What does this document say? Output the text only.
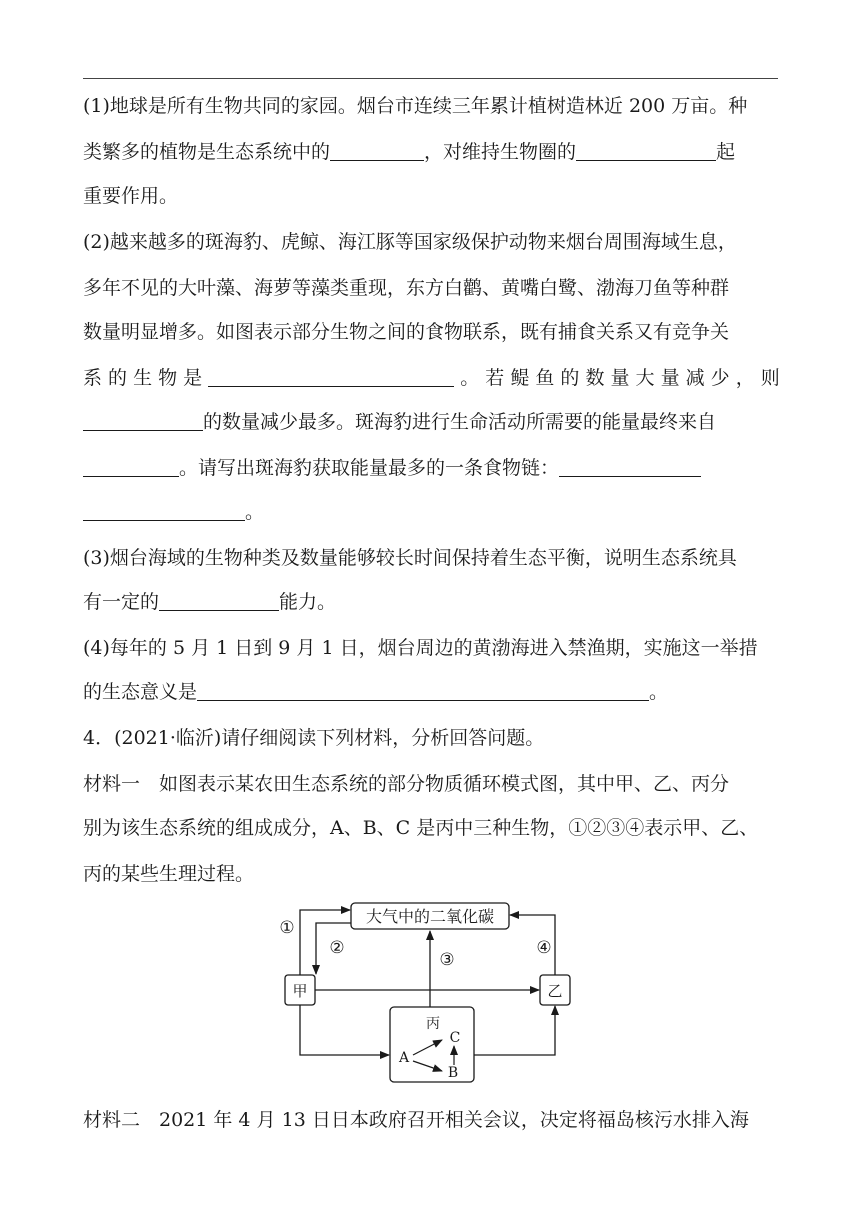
(1)地球是所有生物共同的家园。烟台市连续三年累计植树造林近 200 万亩。种
类繁多的植物是生态系统中的	，对维持生物圈的	起
重要作用。
(2)越来越多的斑海豹、虎鲸、海江豚等国家级保护动物来烟台周围海域生息，
多年不见的大叶藻、海萝等藻类重现，东方白鹳、黄嘴白鹭、渤海刀鱼等种群
数量明显增多。如图表示部分生物之间的食物联系，既有捕食关系又有竞争关
系 的 生 物 是	。 若 鳀 鱼 的 数 量 大 量 减 少 ， 则
的数量减少最多。斑海豹进行生命活动所需要的能量最终来自
。请写出斑海豹获取能量最多的一条食物链：
。
(3)烟台海域的生物种类及数量能够较长时间保持着生态平衡，说明生态系统具
有一定的	能力。
(4)每年的 5 月 1 日到 9 月 1 日，烟台周边的黄渤海进入禁渔期，实施这一举措
的生态意义是	。
4．(2021·临沂)请仔细阅读下列材料，分析回答问题。
材料一　如图表示某农田生态系统的部分物质循环模式图，其中甲、乙、丙分
别为该生态系统的组成成分，A、B、C 是丙中三种生物，①②③④表示甲、乙、
丙的某些生理过程。
大气中的二氧化碳
甲	乙
丙
A
C
B
①
②
③
④
材料二　2021 年 4 月 13 日日本政府召开相关会议，决定将福岛核污水排入海
